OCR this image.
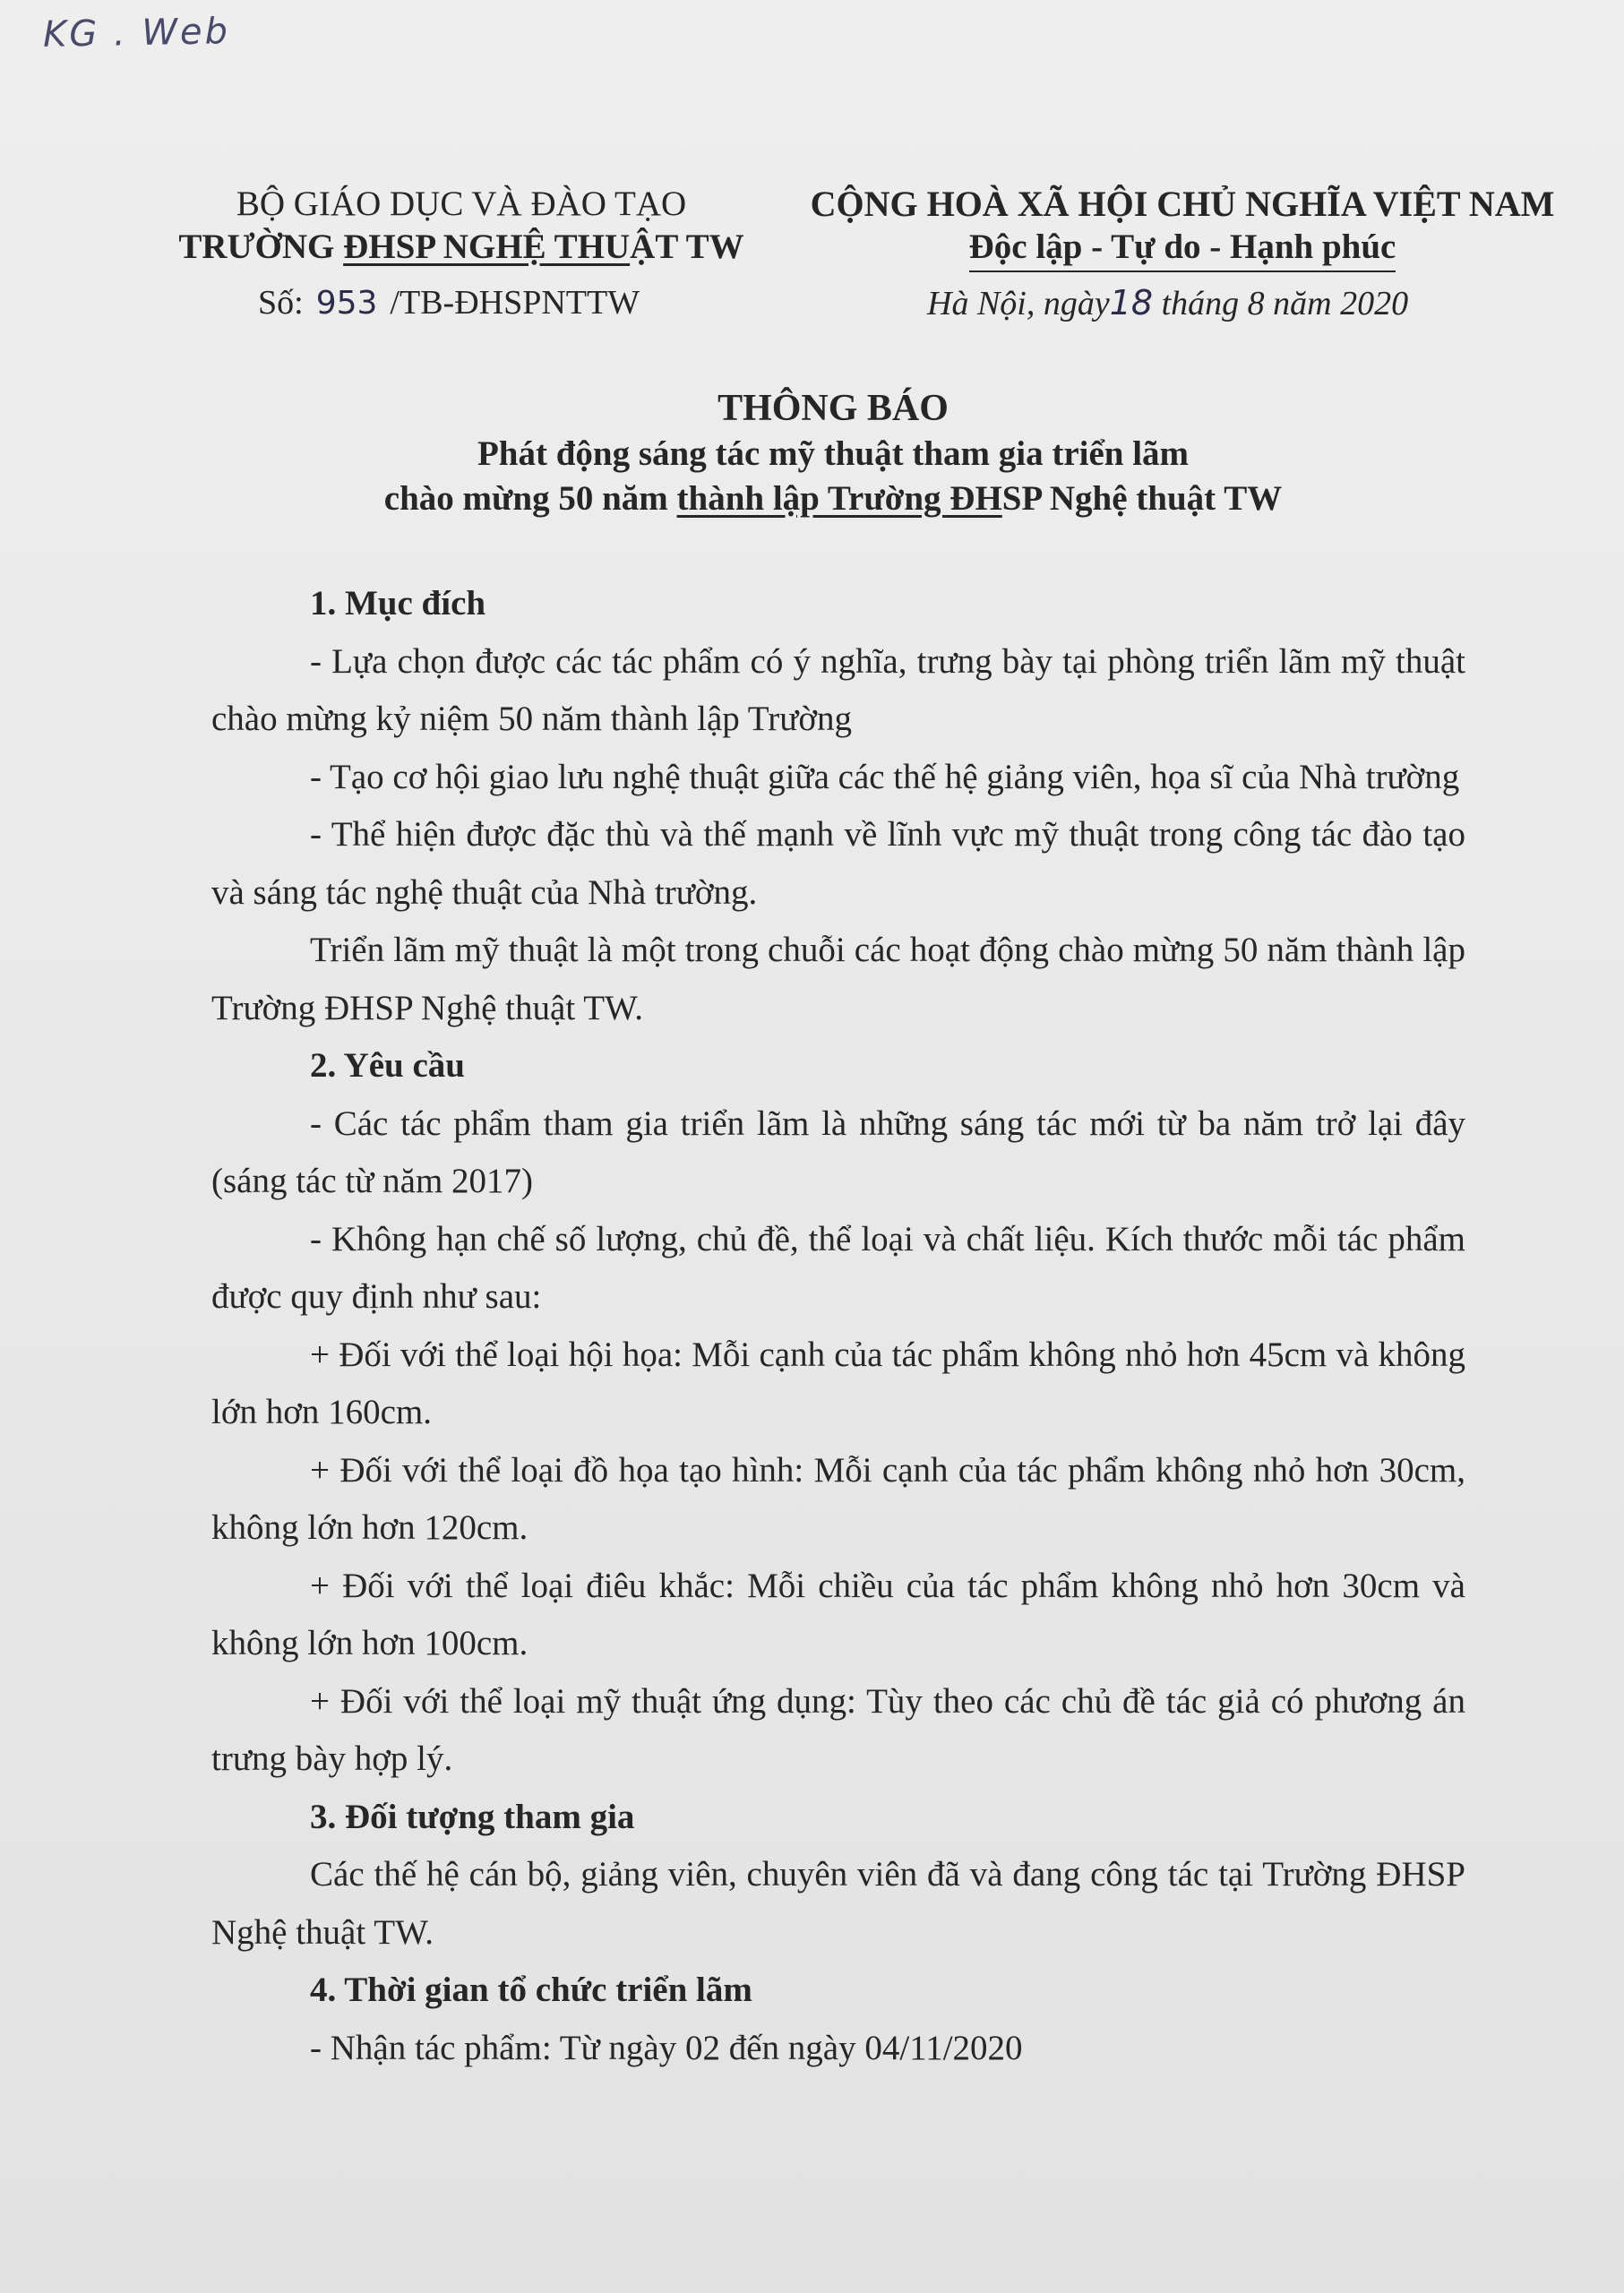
KG . Web
BỘ GIÁO DỤC VÀ ĐÀO TẠO
TRƯỜNG ĐHSP NGHỆ THUẬT TW
CỘNG HOÀ XÃ HỘI CHỦ NGHĨA VIỆT NAM
Độc lập - Tự do - Hạnh phúc
Số: 953 /TB-ĐHSPNTTW	Hà Nội, ngày18 tháng 8 năm 2020
THÔNG BÁO
Phát động sáng tác mỹ thuật tham gia triển lãm
chào mừng 50 năm thành lập Trường ĐHSP Nghệ thuật TW

1. Mục đích

- Lựa chọn được các tác phẩm có ý nghĩa, trưng bày tại phòng triển lãm mỹ thuật chào mừng kỷ niệm 50 năm thành lập Trường

- Tạo cơ hội giao lưu nghệ thuật giữa các thế hệ giảng viên, họa sĩ của Nhà trường

- Thể hiện được đặc thù và thế mạnh về lĩnh vực mỹ thuật trong công tác đào tạo và sáng tác nghệ thuật của Nhà trường.

Triển lãm mỹ thuật là một trong chuỗi các hoạt động chào mừng 50 năm thành lập Trường ĐHSP Nghệ thuật TW.

2. Yêu cầu

- Các tác phẩm tham gia triển lãm là những sáng tác mới từ ba năm trở lại đây (sáng tác từ năm 2017)

- Không hạn chế số lượng, chủ đề, thể loại và chất liệu. Kích thước mỗi tác phẩm được quy định như sau:

+ Đối với thể loại hội họa: Mỗi cạnh của tác phẩm không nhỏ hơn 45cm và không lớn hơn 160cm.

+ Đối với thể loại đồ họa tạo hình: Mỗi cạnh của tác phẩm không nhỏ hơn 30cm, không lớn hơn 120cm.

+ Đối với thể loại điêu khắc: Mỗi chiều của tác phẩm không nhỏ hơn 30cm và không lớn hơn 100cm.

+ Đối với thể loại mỹ thuật ứng dụng: Tùy theo các chủ đề tác giả có phương án trưng bày hợp lý.

3. Đối tượng tham gia

Các thế hệ cán bộ, giảng viên, chuyên viên đã và đang công tác tại Trường ĐHSP Nghệ thuật TW.

4. Thời gian tổ chức triển lãm

- Nhận tác phẩm: Từ ngày 02 đến ngày 04/11/2020
